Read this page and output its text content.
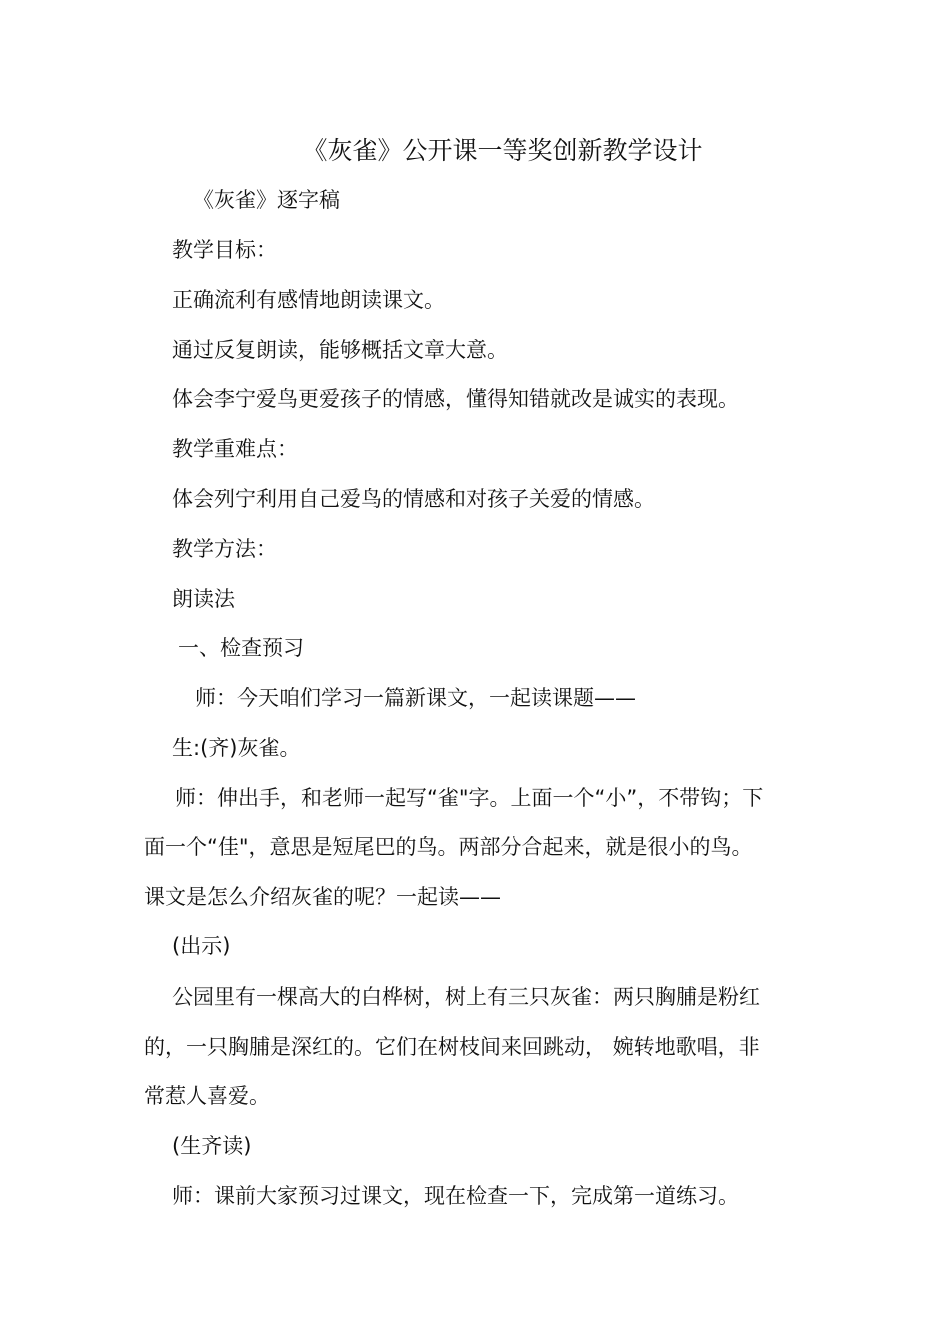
《灰雀》公开课一等奖创新教学设计
《灰雀》逐字稿
教学目标：
正确流利有感情地朗读课文。
通过反复朗读，能够概括文章大意。
体会李宁爱鸟更爱孩子的情感，懂得知错就改是诚实的表现。
教学重难点：
体会列宁利用自己爱鸟的情感和对孩子关爱的情感。
教学方法：
朗读法
一、检查预习
师：今天咱们学习一篇新课文，一起读课题——
生:(齐)灰雀。
师：伸出手，和老师一起写“雀"字。上面一个“小”，不带钩；下
面一个“佳"，意思是短尾巴的鸟。两部分合起来，就是很小的鸟。
课文是怎么介绍灰雀的呢？一起读——
(出示)
公园里有一棵高大的白桦树，树上有三只灰雀：两只胸脯是粉红
的，一只胸脯是深红的。它们在树枝间来回跳动， 婉转地歌唱，非
常惹人喜爱。
(生齐读)
师：课前大家预习过课文，现在检查一下，完成第一道练习。
